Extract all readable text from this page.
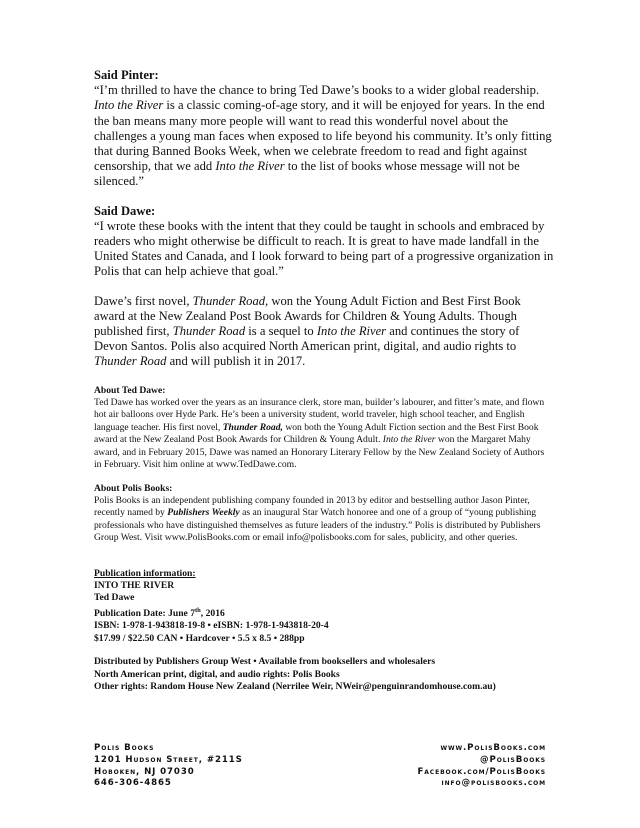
Said Pinter:

“I’m thrilled to have the chance to bring Ted Dawe’s books to a wider global readership. Into the River is a classic coming-of-age story, and it will be enjoyed for years. In the end the ban means many more people will want to read this wonderful novel about the challenges a young man faces when exposed to life beyond his community. It’s only fitting that during Banned Books Week, when we celebrate freedom to read and fight against censorship, that we add Into the River to the list of books whose message will not be silenced.”

Said Dawe:

“I wrote these books with the intent that they could be taught in schools and embraced by readers who might otherwise be difficult to reach. It is great to have made landfall in the United States and Canada, and I look forward to being part of a progressive organization in Polis that can help achieve that goal.”

Dawe’s first novel, Thunder Road, won the Young Adult Fiction and Best First Book award at the New Zealand Post Book Awards for Children & Young Adults. Though published first, Thunder Road is a sequel to Into the River and continues the story of Devon Santos. Polis also acquired North American print, digital, and audio rights to Thunder Road and will publish it in 2017.

About Ted Dawe:

Ted Dawe has worked over the years as an insurance clerk, store man, builder’s labourer, and fitter’s mate, and flown hot air balloons over Hyde Park. He’s been a university student, world traveler, high school teacher, and English language teacher. His first novel, Thunder Road, won both the Young Adult Fiction section and the Best First Book award at the New Zealand Post Book Awards for Children & Young Adult. Into the River won the Margaret Mahy award, and in February 2015, Dawe was named an Honorary Literary Fellow by the New Zealand Society of Authors in February. Visit him online at www.TedDawe.com.

About Polis Books:

Polis Books is an independent publishing company founded in 2013 by editor and bestselling author Jason Pinter, recently named by Publishers Weekly as an inaugural Star Watch honoree and one of a group of “young publishing professionals who have distinguished themselves as future leaders of the industry.” Polis is distributed by Publishers Group West. Visit www.PolisBooks.com or email info@polisbooks.com for sales, publicity, and other queries.

Publication information:
INTO THE RIVER
Ted Dawe
Publication Date: June 7th, 2016
ISBN: 1-978-1-943818-19-8 • eISBN: 1-978-1-943818-20-4
$17.99 / $22.50 CAN • Hardcover • 5.5 x 8.5 • 288pp
Distributed by Publishers Group West • Available from booksellers and wholesalers
North American print, digital, and audio rights: Polis Books
Other rights: Random House New Zealand (Nerrilee Weir, NWeir@penguinrandomhouse.com.au)
Polis Books
1201 Hudson Street, #211S
Hoboken, NJ 07030
646-306-4865
www.PolisBooks.com
@PolisBooks
Facebook.com/PolisBooks
info@polisbooks.com
